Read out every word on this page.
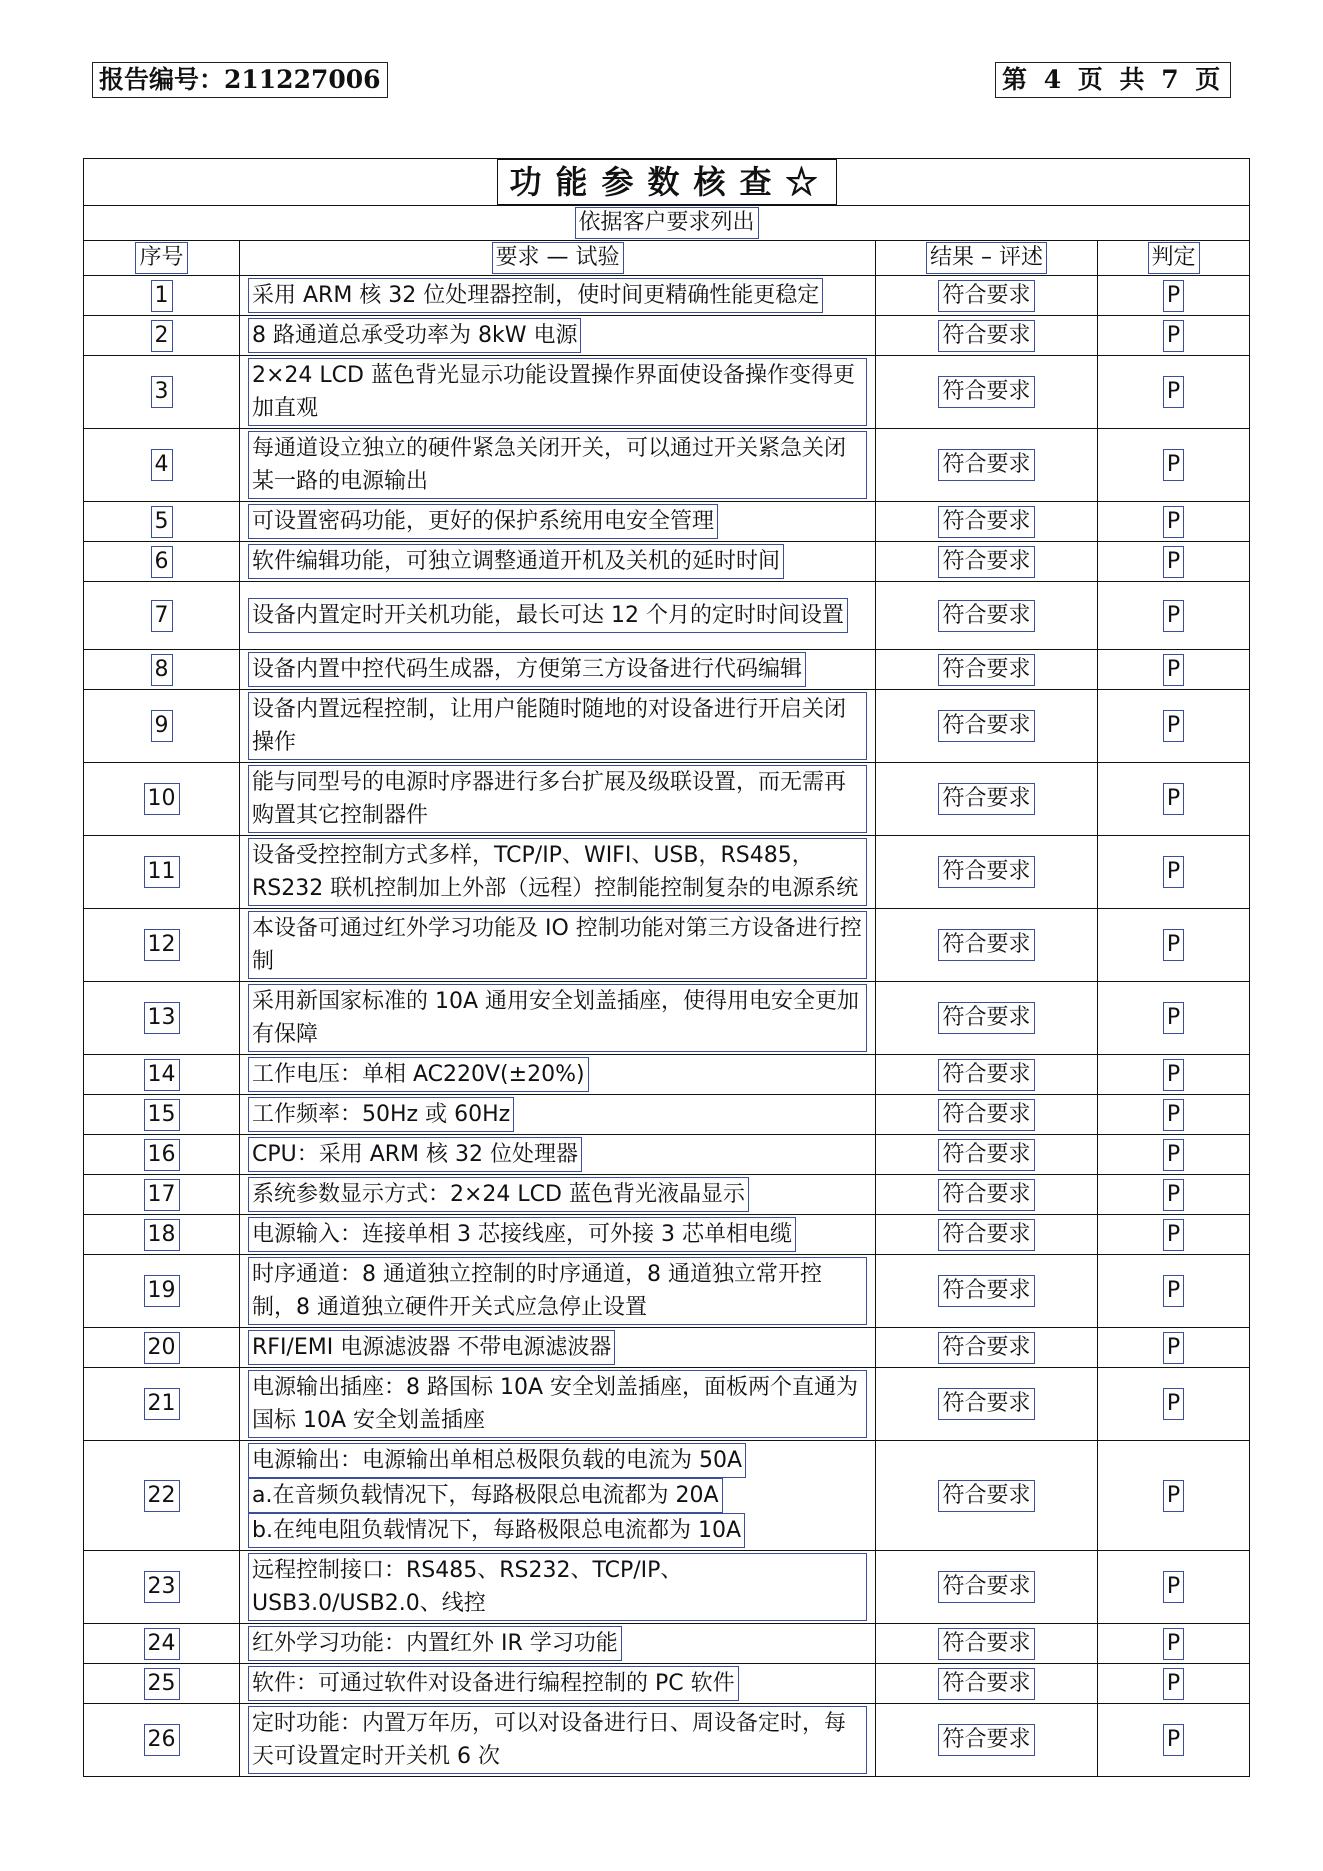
报告编号：211227006	第 4 页 共 7 页
功能参数核查☆			
依据客户要求列出			
序号	要求 — 试验	结果 – 评述	判定
1	采用 ARM 核 32 位处理器控制，使时间更精确性能更稳定	符合要求	P
2	8 路通道总承受功率为 8kW 电源	符合要求	P
3	2×24 LCD 蓝色背光显示功能设置操作界面使设备操作变得更加直观	符合要求	P
4	每通道设立独立的硬件紧急关闭开关，可以通过开关紧急关闭某一路的电源输出	符合要求	P
5	可设置密码功能，更好的保护系统用电安全管理	符合要求	P
6	软件编辑功能，可独立调整通道开机及关机的延时时间	符合要求	P
7	设备内置定时开关机功能，最长可达 12 个月的定时时间设置	符合要求	P
8	设备内置中控代码生成器，方便第三方设备进行代码编辑	符合要求	P
9	设备内置远程控制，让用户能随时随地的对设备进行开启关闭操作	符合要求	P
10	能与同型号的电源时序器进行多台扩展及级联设置，而无需再购置其它控制器件	符合要求	P
11	设备受控控制方式多样，TCP/IP、WIFI、USB，RS485，RS232 联机控制加上外部（远程）控制能控制复杂的电源系统	符合要求	P
12	本设备可通过红外学习功能及 IO 控制功能对第三方设备进行控制	符合要求	P
13	采用新国家标准的 10A 通用安全划盖插座，使得用电安全更加有保障	符合要求	P
14	工作电压：单相 AC220V(±20%)	符合要求	P
15	工作频率：50Hz 或 60Hz	符合要求	P
16	CPU：采用 ARM 核 32 位处理器	符合要求	P
17	系统参数显示方式：2×24 LCD 蓝色背光液晶显示	符合要求	P
18	电源输入：连接单相 3 芯接线座，可外接 3 芯单相电缆	符合要求	P
19	时序通道：8 通道独立控制的时序通道，8 通道独立常开控制，8 通道独立硬件开关式应急停止设置	符合要求	P
20	RFI/EMI 电源滤波器 不带电源滤波器	符合要求	P
21	电源输出插座：8 路国标 10A 安全划盖插座，面板两个直通为国标 10A 安全划盖插座	符合要求	P
22	电源输出：电源输出单相总极限负载的电流为 50A
a.在音频负载情况下，每路极限总电流都为 20A
b.在纯电阻负载情况下，每路极限总电流都为 10A	符合要求	P
23	远程控制接口：RS485、RS232、TCP/IP、USB3.0/USB2.0、线控	符合要求	P
24	红外学习功能：内置红外 IR 学习功能	符合要求	P
25	软件：可通过软件对设备进行编程控制的 PC 软件	符合要求	P
26	定时功能：内置万年历，可以对设备进行日、周设备定时，每天可设置定时开关机 6 次	符合要求	P
